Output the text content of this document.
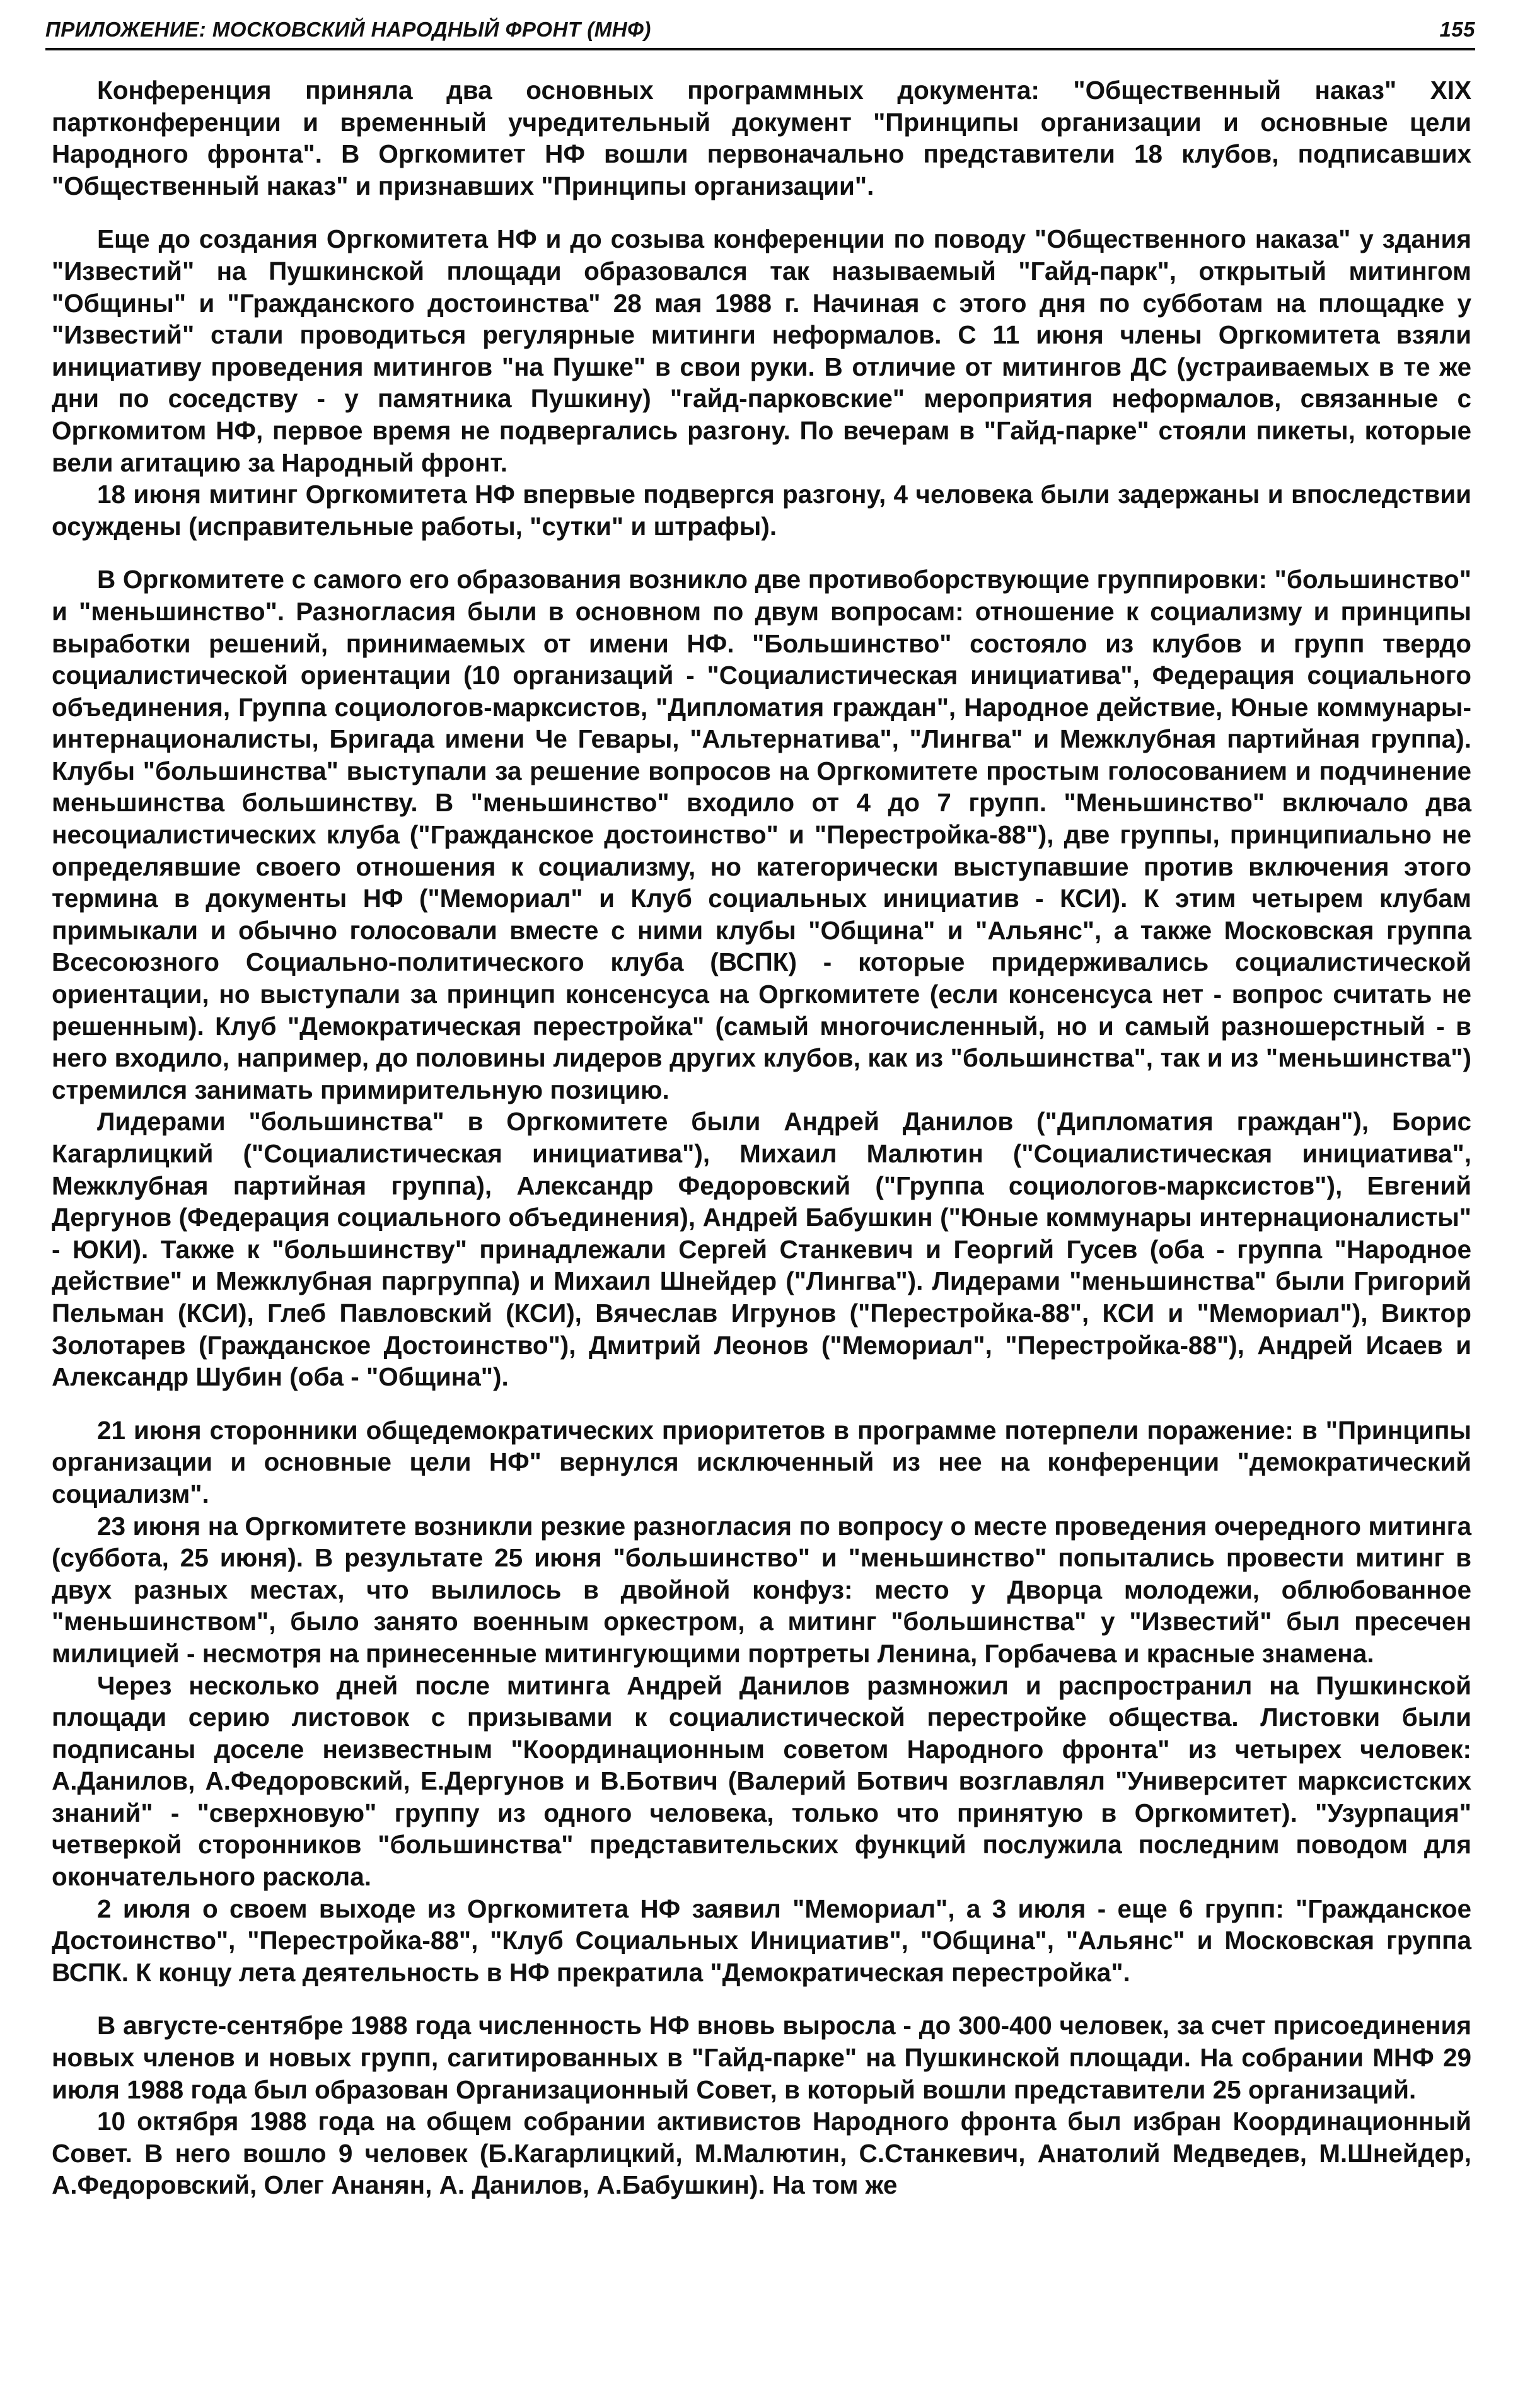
ПРИЛОЖЕНИЕ: МОСКОВСКИЙ НАРОДНЫЙ ФРОНТ (МНФ)	155

Конференция приняла два основных программных документа: "Общественный наказ" XIX партконференции и временный учредительный документ "Принципы организации и основные цели Народного фронта". В Оргкомитет НФ вошли первоначально представители 18 клубов, подписавших "Общественный наказ" и признавших "Принципы организации".

Еще до создания Оргкомитета НФ и до созыва конференции по поводу "Общественного наказа" у здания "Известий" на Пушкинской площади образовался так называемый "Гайд-парк", открытый митингом "Общины" и "Гражданского достоинства" 28 мая 1988 г. Начиная с этого дня по субботам на площадке у "Известий" стали проводиться регулярные митинги неформалов. С 11 июня члены Оргкомитета взяли инициативу проведения митингов "на Пушке" в свои руки. В отличие от митингов ДС (устраиваемых в те же дни по соседству - у памятника Пушкину) "гайд-парковские" мероприятия неформалов, связанные с Оргкомитом НФ, первое время не подвергались разгону. По вечерам в "Гайд-парке" стояли пикеты, которые вели агитацию за Народный фронт.

18 июня митинг Оргкомитета НФ впервые подвергся разгону, 4 человека были задержаны и впоследствии осуждены (исправительные работы, "сутки" и штрафы).

В Оргкомитете с самого его образования возникло две противоборствующие группировки: "большинство" и "меньшинство". Разногласия были в основном по двум вопросам: отношение к социализму и принципы выработки решений, принимаемых от имени НФ. "Большинство" состояло из клубов и групп твердо социалистической ориентации (10 организаций - "Социалистическая инициатива", Федерация социального объединения, Группа социологов-марксистов, "Дипломатия граждан", Народное действие, Юные коммунары-интернационалисты, Бригада имени Че Гевары, "Альтернатива", "Лингва" и Межклубная партийная группа). Клубы "большинства" выступали за решение вопросов на Оргкомитете простым голосованием и подчинение меньшинства большинству. В "меньшинство" входило от 4 до 7 групп. "Меньшинство" включало два несоциалистических клуба ("Гражданское достоинство" и "Перестройка-88"), две группы, принципиально не определявшие своего отношения к социализму, но категорически выступавшие против включения этого термина в документы НФ ("Мемориал" и Клуб социальных инициатив - КСИ). К этим четырем клубам примыкали и обычно голосовали вместе с ними клубы "Община" и "Альянс", а также Московская группа Всесоюзного Социально-политического клуба (ВСПК) - которые придерживались социалистической ориентации, но выступали за принцип консенсуса на Оргкомитете (если консенсуса нет - вопрос считать не решенным). Клуб "Демократическая перестройка" (самый многочисленный, но и самый разношерстный - в него входило, например, до половины лидеров других клубов, как из "большинства", так и из "меньшинства") стремился занимать примирительную позицию.

Лидерами "большинства" в Оргкомитете были Андрей Данилов ("Дипломатия граждан"), Борис Кагарлицкий ("Социалистическая инициатива"), Михаил Малютин ("Социалистическая инициатива", Межклубная партийная группа), Александр Федоровский ("Группа социологов-марксистов"), Евгений Дергунов (Федерация социального объединения), Андрей Бабушкин ("Юные коммунары интернационалисты" - ЮКИ). Также к "большинству" принадлежали Сергей Станкевич и Георгий Гусев (оба - группа "Народное действие" и Межклубная паргруппа) и Михаил Шнейдер ("Лингва"). Лидерами "меньшинства" были Григорий Пельман (КСИ), Глеб Павловский (КСИ), Вячеслав Игрунов ("Перестройка-88", КСИ и "Мемориал"), Виктор Золотарев (Гражданское Достоинство"), Дмитрий Леонов ("Мемориал", "Перестройка-88"), Андрей Исаев и Александр Шубин (оба - "Община").

21 июня сторонники общедемократических приоритетов в программе потерпели поражение: в "Принципы организации и основные цели НФ" вернулся исключенный из нее на конференции "демократический социализм".

23 июня на Оргкомитете возникли резкие разногласия по вопросу о месте проведения очередного митинга (суббота, 25 июня). В результате 25 июня "большинство" и "меньшинство" попытались провести митинг в двух разных местах, что вылилось в двойной конфуз: место у Дворца молодежи, облюбованное "меньшинством", было занято военным оркестром, а митинг "большинства" у "Известий" был пресечен милицией - несмотря на принесенные митингующими портреты Ленина, Горбачева и красные знамена.

Через несколько дней после митинга Андрей Данилов размножил и распространил на Пушкинской площади серию листовок с призывами к социалистической перестройке общества. Листовки были подписаны доселе неизвестным "Координационным советом Народного фронта" из четырех человек: А.Данилов, А.Федоровский, Е.Дергунов и В.Ботвич (Валерий Ботвич возглавлял "Университет марксистских знаний" - "сверхновую" группу из одного человека, только что принятую в Оргкомитет). "Узурпация" четверкой сторонников "большинства" представительских функций послужила последним поводом для окончательного раскола.

2 июля о своем выходе из Оргкомитета НФ заявил "Мемориал", а 3 июля - еще 6 групп: "Гражданское Достоинство", "Перестройка-88", "Клуб Социальных Инициатив", "Община", "Альянс" и Московская группа ВСПК. К концу лета деятельность в НФ прекратила "Демократическая перестройка".

В августе-сентябре 1988 года численность НФ вновь выросла - до 300-400 человек, за счет присоединения новых членов и новых групп, сагитированных в "Гайд-парке" на Пушкинской площади. На собрании МНФ 29 июля 1988 года был образован Организационный Совет, в который вошли представители 25 организаций.

10 октября 1988 года на общем собрании активистов Народного фронта был избран Координационный Совет. В него вошло 9 человек (Б.Кагарлицкий, М.Малютин, С.Станкевич, Анатолий Медведев, М.Шнейдер, А.Федоровский, Олег Ананян, А. Данилов, А.Бабушкин). На том же
